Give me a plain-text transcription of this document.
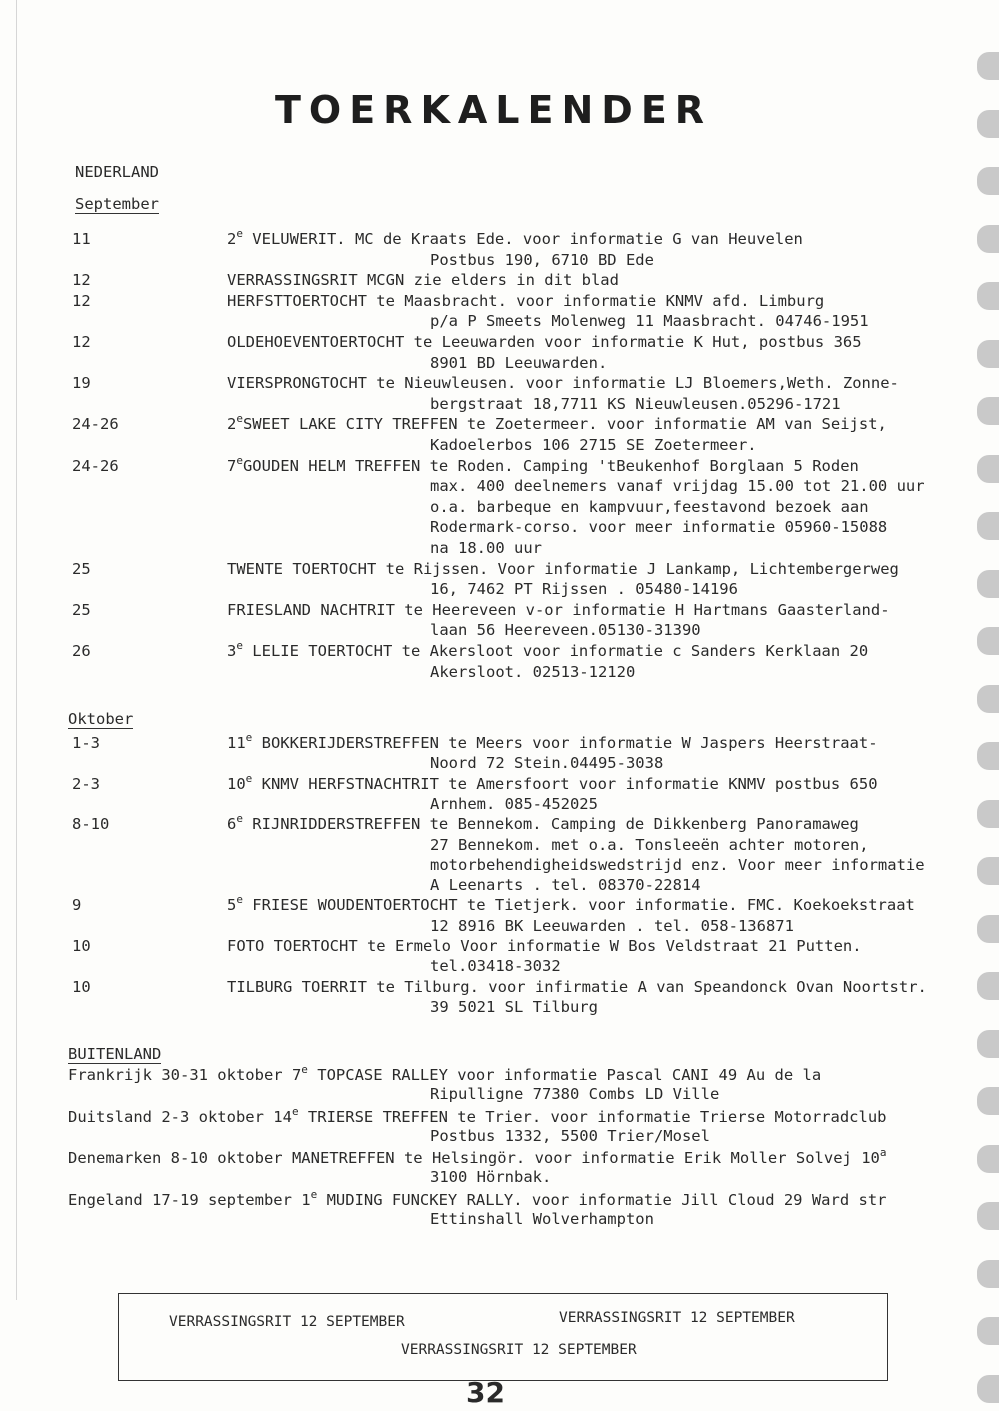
TOERKALENDER

NEDERLAND

September

Oktober

BUITENLAND

11	2e VELUWERIT. MC de Kraats Ede. voor informatie G van Heuvelen
Postbus 190, 6710 BD Ede
12	VERRASSINGSRIT MCGN zie elders in dit blad
12	HERFSTTOERTOCHT te Maasbracht. voor informatie KNMV afd. Limburg
p/a P Smeets Molenweg 11 Maasbracht. 04746-1951
12	OLDEHOEVENTOERTOCHT te Leeuwarden voor informatie K Hut, postbus 365
8901 BD Leeuwarden.
19	VIERSPRONGTOCHT te Nieuwleusen. voor informatie LJ Bloemers,Weth. Zonne-
bergstraat 18,7711 KS Nieuwleusen.05296-1721
24-26	2eSWEET LAKE CITY TREFFEN te Zoetermeer. voor informatie AM van Seijst,
Kadoelerbos 106 2715 SE Zoetermeer.
24-26	7eGOUDEN HELM TREFFEN te Roden. Camping 'tBeukenhof Borglaan 5 Roden
max. 400 deelnemers vanaf vrijdag 15.00 tot 21.00 uur
o.a. barbeque en kampvuur,feestavond bezoek aan
Rodermark-corso. voor meer informatie 05960-15088
na 18.00 uur
25	TWENTE TOERTOCHT te Rijssen. Voor informatie J Lankamp, Lichtembergerweg
16, 7462 PT Rijssen . 05480-14196
25	FRIESLAND NACHTRIT te Heereveen v-or informatie H Hartmans Gaasterland-
laan 56 Heereveen.05130-31390
26	3e LELIE TOERTOCHT te Akersloot voor informatie c Sanders Kerklaan 20
Akersloot. 02513-12120
1-3	11e BOKKERIJDERSTREFFEN te Meers voor informatie W Jaspers Heerstraat-
Noord 72 Stein.04495-3038
2-3	10e KNMV HERFSTNACHTRIT te Amersfoort voor informatie KNMV postbus 650
Arnhem. 085-452025
8-10	6e RIJNRIDDERSTREFFEN te Bennekom. Camping de Dikkenberg Panoramaweg
27 Bennekom. met o.a. Tonsleeën achter motoren,
motorbehendigheidswedstrijd enz. Voor meer informatie
A Leenarts . tel. 08370-22814
9	5e FRIESE WOUDENTOERTOCHT te Tietjerk. voor informatie. FMC. Koekoekstraat
12 8916 BK Leeuwarden . tel. 058-136871
10	FOTO TOERTOCHT te Ermelo Voor informatie W Bos Veldstraat 21 Putten.
tel.03418-3032
10	TILBURG TOERRIT te Tilburg. voor infirmatie A van Speandonck Ovan Noortstr.
39 5021 SL Tilburg
Frankrijk 30-31 oktober 7e TOPCASE RALLEY voor informatie Pascal CANI 49 Au de la
Ripulligne 77380 Combs LD Ville
Duitsland 2-3 oktober 14e TRIERSE TREFFEN te Trier. voor informatie Trierse Motorradclub
Postbus 1332, 5500 Trier/Mosel
Denemarken 8-10 oktober MANETREFFEN te Helsingör. voor informatie Erik Moller Solvej 10$^a$
3100 Hörnbak.
Engeland 17-19 september 1e MUDING FUNCKEY RALLY. voor informatie Jill Cloud 29 Ward str
Ettinshall Wolverhampton
VERRASSINGSRIT 12 SEPTEMBER	VERRASSINGSRIT 12 SEPTEMBER
VERRASSINGSRIT 12 SEPTEMBER
32
